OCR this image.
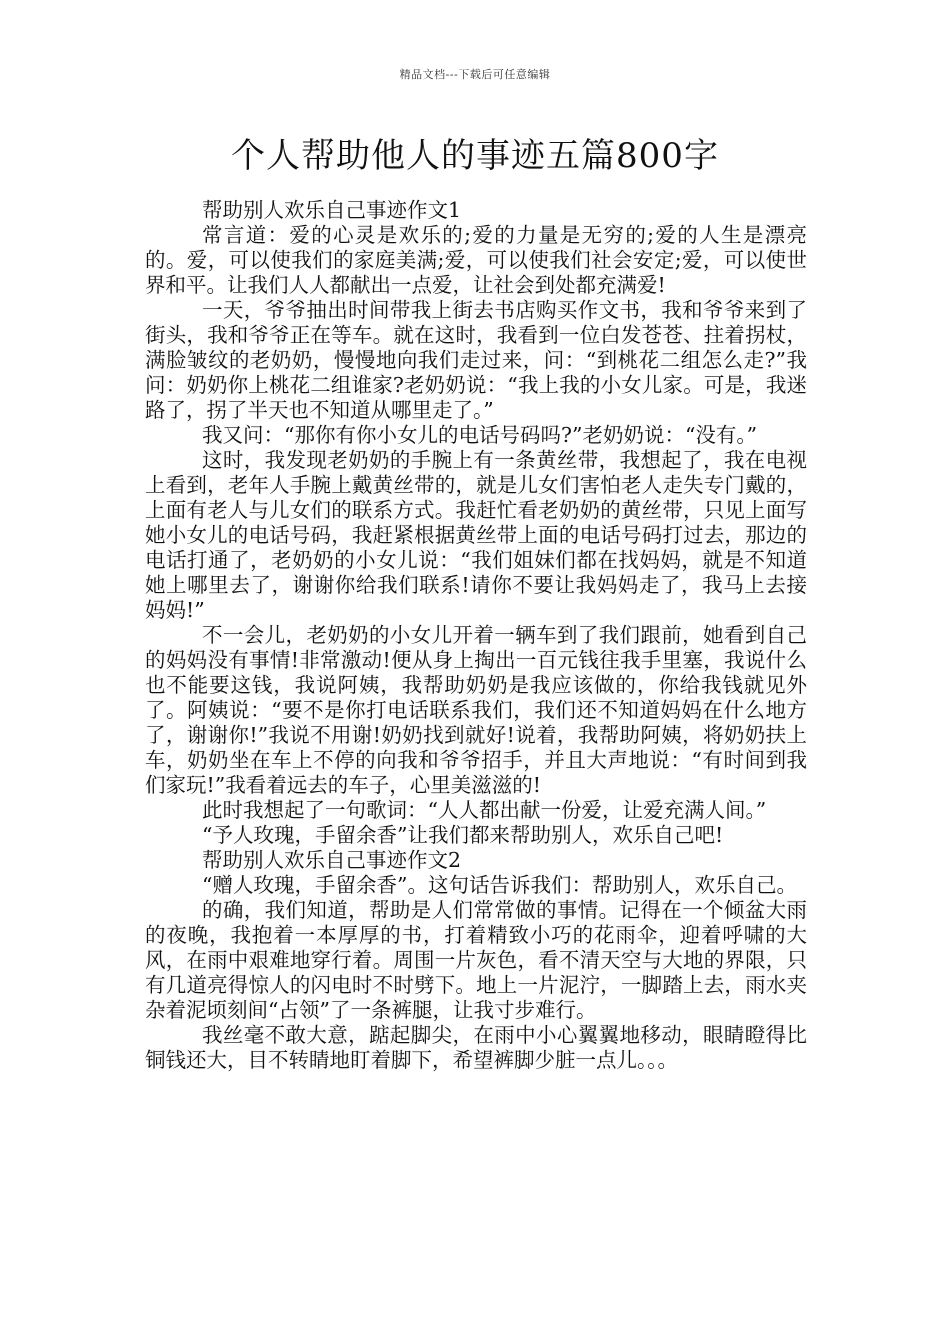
精品文档---下载后可任意编辑
个人帮助他人的事迹五篇800字

帮助别人欢乐自己事迹作文1

常言道：爱的心灵是欢乐的;爱的力量是无穷的;爱的人生是漂亮的。爱，可以使我们的家庭美满;爱，可以使我们社会安定;爱，可以使世界和平。让我们人人都献出一点爱，让社会到处都充满爱!

一天，爷爷抽出时间带我上街去书店购买作文书，我和爷爷来到了街头，我和爷爷正在等车。就在这时，我看到一位白发苍苍、拄着拐杖，满脸皱纹的老奶奶，慢慢地向我们走过来，问：“到桃花二组怎么走?”我问：奶奶你上桃花二组谁家?老奶奶说：“我上我的小女儿家。可是，我迷路了，拐了半天也不知道从哪里走了。”

我又问：“那你有你小女儿的电话号码吗?”老奶奶说：“没有。”

这时，我发现老奶奶的手腕上有一条黄丝带，我想起了，我在电视上看到，老年人手腕上戴黄丝带的，就是儿女们害怕老人走失专门戴的，上面有老人与儿女们的联系方式。我赶忙看老奶奶的黄丝带，只见上面写她小女儿的电话号码，我赶紧根据黄丝带上面的电话号码打过去，那边的电话打通了，老奶奶的小女儿说：“我们姐妹们都在找妈妈，就是不知道她上哪里去了，谢谢你给我们联系!请你不要让我妈妈走了，我马上去接妈妈!”

不一会儿，老奶奶的小女儿开着一辆车到了我们跟前，她看到自己的妈妈没有事情!非常激动!便从身上掏出一百元钱往我手里塞，我说什么也不能要这钱，我说阿姨，我帮助奶奶是我应该做的，你给我钱就见外了。阿姨说：“要不是你打电话联系我们，我们还不知道妈妈在什么地方了，谢谢你!”我说不用谢!奶奶找到就好!说着，我帮助阿姨，将奶奶扶上车，奶奶坐在车上不停的向我和爷爷招手，并且大声地说：“有时间到我们家玩!”我看着远去的车子，心里美滋滋的!

此时我想起了一句歌词：“人人都出献一份爱，让爱充满人间。”

“予人玫瑰，手留余香”让我们都来帮助别人，欢乐自己吧!

帮助别人欢乐自己事迹作文2

“赠人玫瑰，手留余香”。这句话告诉我们：帮助别人，欢乐自己。

的确，我们知道，帮助是人们常常做的事情。记得在一个倾盆大雨的夜晚，我抱着一本厚厚的书，打着精致小巧的花雨伞，迎着呼啸的大风，在雨中艰难地穿行着。周围一片灰色，看不清天空与大地的界限，只有几道亮得惊人的闪电时不时劈下。地上一片泥泞，一脚踏上去，雨水夹杂着泥顷刻间“占领”了一条裤腿，让我寸步难行。

我丝毫不敢大意，踮起脚尖，在雨中小心翼翼地移动，眼睛瞪得比铜钱还大，目不转睛地盯着脚下，希望裤脚少脏一点儿。。。
